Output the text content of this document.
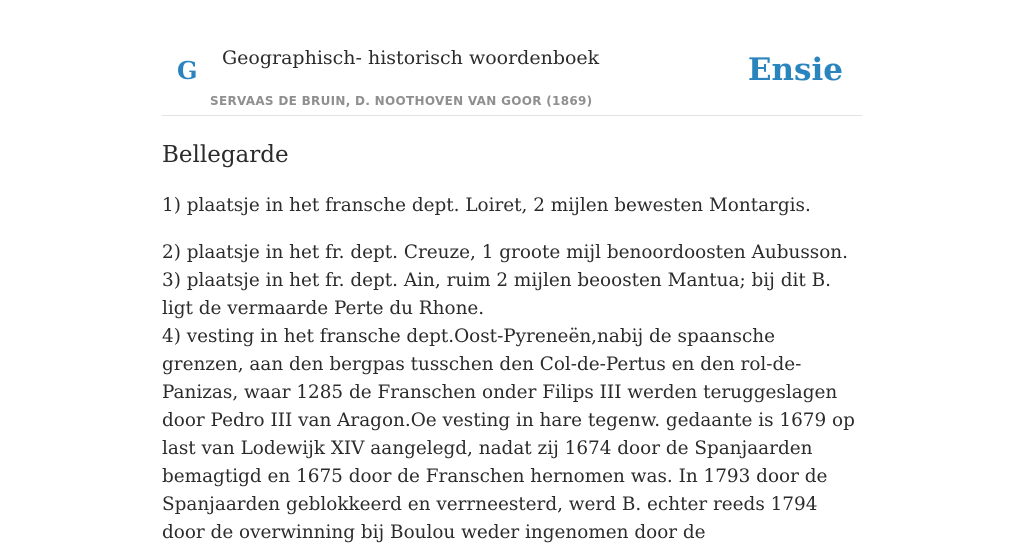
G Geographisch- historisch woordenboek
SERVAAS DE BRUIN, D. NOOTHOVEN VAN GOOR (1869)
Ensie
Bellegarde

1) plaatsje in het fransche dept. Loiret, 2 mijlen bewesten Montargis.

2) plaatsje in het fr. dept. Creuze, 1 groote mijl benoordoosten Aubusson.

3) plaatsje in het fr. dept. Ain, ruim 2 mijlen beoosten Mantua; bij dit B. ligt de vermaarde Perte du Rhone.

4) vesting in het fransche dept.Oost-Pyreneën,nabij de spaansche grenzen, aan den bergpas tusschen den Col-de-Pertus en den rol-de-Panizas, waar 1285 de Franschen onder Filips III werden teruggeslagen door Pedro III van Aragon.Oe vesting in hare tegenw. gedaante is 1679 op last van Lodewijk XIV aangelegd, nadat zij 1674 door de Spanjaarden bemagtigd en 1675 door de Franschen hernomen was. In 1793 door de Spanjaarden geblokkeerd en verrneesterd, werd B. echter reeds 1794 door de overwinning bij Boulou weder ingenomen door de
